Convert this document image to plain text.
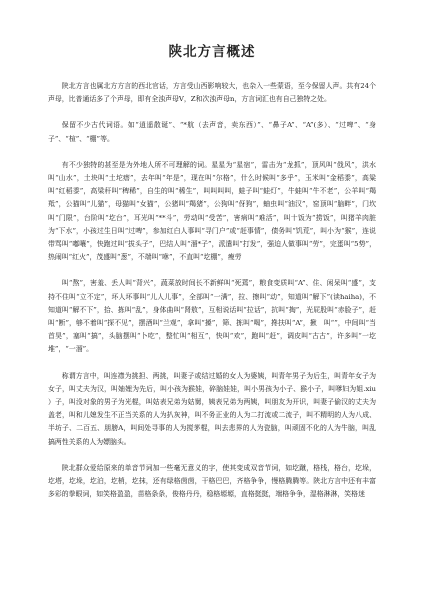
陕北方言概述

陕北方言也属北方方言的西北官话，方言受山西影响较大，也杂入一些蒙语，至今保留人声。共有24个声母，比普通话多了个声母，即有全浊声母V，Z和次浊声母n，方言词汇也有自己独特之处。

保留不少古代词语。如“逍遥散诞”、“*航（去声音，卖东西）”、“鼻子A”、“A”(多）、“过啤”、“身子”、“楦”、“棚”等。

有不少独特的甚至是为外地人所不可理解的词。星星为“星宿”，雷击为“龙抓”，顶风叫“戗风”，洪水叫“山水”，土块叫“土坨瘩”，去年叫“年是”，现在叫“尔格”，什么时候叫“多乎”，玉米叫“金稻黍”，高粱叫“红稻黍”，高梁秆叫“稗稀”，自生的叫“稀生”，叫叫叫叫，蛙子叫“蛙灯”，牛蛙叫“牛不老”，公羊叫“羯羝”，公猫叫“儿猫”，母猫叫“女猫”，公猪叫“羯猪”，公狗叫“伢狗”，蚰虫叫“油汉”，窑顶叫“脑畔”，门坎叫“门限”，台阶叫“圪台”，耳光叫“**斗”，劳动叫“受苦”，害病叫“难活”，叫十饭为“捞饭”，叫猪羊肉脏为“下水”，小孩过生日叫“过啤”，参加红白人事叫“寻门户”或“赶事情”，债务叫“饥荒”，叫小为“猴”，连说带骂叫“嘟嚷”，快跑过叫“拔头子”，巴结人叫“溜*子”，派遣叫“打发”，强迫人做事叫“劳”，完蛋叫“5势”，热闹叫“红火”，茂盛叫“葱”，不端叫“咻”，不直叫“圪棚”，瘦劳

叫“熬”，害羞、丢人叫“背兴”，蔬菜放时间长不新鲜叫“死蔫”，粮食变质叫“A”、住、闲呆叫“盛”，支持不住叫“立不定”，坏人坏事叫“儿人儿事”，全部叫“一满”，拉、擦叫“动”，知道叫“解下”(读haiha)，不知道叫“解不下”，拾、拣叫“乱”，身体曲叫“肾敖”，互相说话叫“拉话”，抗叫“掏”，光屁股叫“赤脸子”，赶叫“断”，够不着叫“探不见”，摆酒叫“兰观”，拿叫“搡”，筛、拣叫“喝”，搀扶叫“A”，揪　叫“”，中间叫“当首昊”，塞叫“搞”，头脑摆叫“卜吃”，整忙叫“相互”，快叫“欢”，跑叫“赶”，调皮叫“古古”，许多叫“一圪堆”，“一溜”。

称谓方言中，叫连襟为挑担、两挑，叫妻子或结过婚的女人为婆姨，叫青年男子为后生，叫青年女子为女子，叫丈夫为汉，叫妯娌为先后，叫小孩为猴娃，碎脑娃娃，叫小男孩为小子、猴小子，叫嗲妇为姐.xiu ）子，叫没对象的男子为光棍，叫姑表兄弟为姑舅，姨表兄弟为两姨，叫朋友为开识，叫妻子偷汉的丈夫为盖老，叫和儿媳发生不正当关系的人为扒灰神，叫不务正业的人为二打流或二流子，叫不精明的人为八成、半坊子、二百五、朋膀A，叫间处寻事的人为搅茅棍，叫去悲界的人为瓷脑，叫顽固不化的人为牛脑，叫乱搞两性关系的人为嫖脑头。

陕北群众爱给原来的单音节词加一些毫无意义的字，使其变成双音节词，如圪蹴，格栈，格台，圪垛，圪塔，圪垛，圪泊，圪梢，圪抹，还有绿格茵茵，干格巴巴，齐格争争，慢格腾腾等。陕北方言中还有丰富多彩的拳眼词，如笑格盈盈，苗格条条，俊格丹丹，稳格塬塬，直格挺挺，端格争争，湿格淋淋，笑格迷
